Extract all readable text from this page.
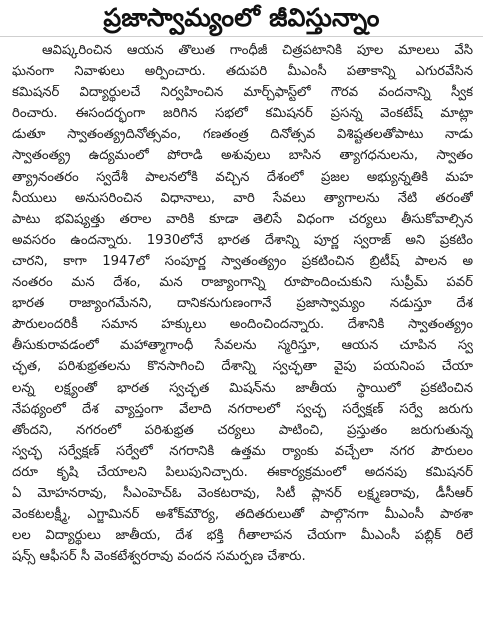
ప్రజాస్వామ్యంలో జీవిస్తున్నాం
ఆవిష్కరించిన ఆయన తొలుత గాంధీజీ చిత్రపటానికి పూల మాలలు వేసి
ఘనంగా నివాళులు అర్పించారు. తదుపరి మీఎంసీ పతాకాన్ని ఎగురవేసిన
కమిషనర్ విద్యార్థులచే నిర్వహించిన మార్చ్‌ఫాస్ట్‌లో గౌరవ వందనాన్ని స్వీక
రించారు. ఈసందర్భంగా జరిగిన సభలో కమిషనర్ ప్రసన్న వెంకటేష్ మాట్లా
డుతూ స్వాతంత్య్రదినోత్సవం, గణతంత్ర దినోత్సవ విశిష్టతలతోపాటు నాడు
స్వాతంత్య్ర ఉద్యమంలో పోరాడి అశువులు బాసిన త్యాగధనులను, స్వాతం
త్య్రానంతరం స్వదేశీ పాలనలోకి వచ్చిన దేశంలో ప్రజల అభ్యున్నతికి మహ
నీయులు అనుసరించిన విధానాలు, వారి సేవలు త్యాగాలను నేటి తరంతో
పాటు భవిష్యత్తు తరాల వారికి కూడా తెలిసే విధంగా చర్యలు తీసుకోవాల్సిన
అవసరం ఉందన్నారు. 1930లోనే భారత దేశాన్ని పూర్ణ స్వరాజ్ అని ప్రకటిం
చారని, కాగా 1947లో సంపూర్ణ స్వాతంత్య్రం ప్రకటించిన బ్రిటీష్ పాలన అ
నంతరం మన దేశం, మన రాజ్యాంగాన్ని రూపొందించుకుని సుప్రీమ్ పవర్
భారత రాజ్యాంగమేనని, దానికనుగుణంగానే ప్రజాస్వామ్యం నడుస్తూ దేశ
పౌరులందరికీ సమాన హక్కులు అందించిందన్నారు. దేశానికి స్వాతంత్య్రం
తీసుకురావడంలో మహాత్మాగాంధీ సేవలను స్మరిస్తూ, ఆయన చూపిన స్వ
చ్ఛత, పరిశుభ్రతలను కొనసాగించి దేశాన్ని స్వచ్ఛతా వైపు పయనింప చేయా
లన్న లక్ష్యంతో భారత స్వచ్ఛత మిషన్‌ను జాతీయ స్థాయిలో ప్రకటించిన
నేపథ్యంలో దేశ వ్యాప్తంగా వేలాది నగరాలలో స్వచ్ఛ సర్వేక్షణ్ సర్వే జరుగు
తోందని, నగరంలో పరిశుభ్రత చర్యలు పాటించి, ప్రస్తుతం జరుగుతున్న
స్వచ్ఛ సర్వేక్షణ్ సర్వేలో నగరానికి ఉత్తమ ర్యాంకు వచ్చేలా నగర పౌరులం
దరూ కృషి చేయాలని పిలుపునిచ్చారు. ఈకార్యక్రమంలో అదనపు కమిషనర్
ఏ మోహనరావు, సీఎంహెచ్‌ఓ వెంకటరావు, సిటీ ప్లానర్ లక్ష్మణరావు, డీసీఆర్
వెంకటలక్ష్మీ, ఎగ్జామినర్ అశోక్‌మౌర్య, తదితరులుతో పాల్గొనగా మీఎంసీ పాఠశా
లల విద్యార్థులు జాతీయ, దేశ భక్తి గీతాలాపన చేయగా మీఎంసీ పబ్లిక్ రిలే
షన్స్ ఆఫీసర్ సీ వెంకటేశ్వరరావు వందన సమర్పణ చేశారు.
